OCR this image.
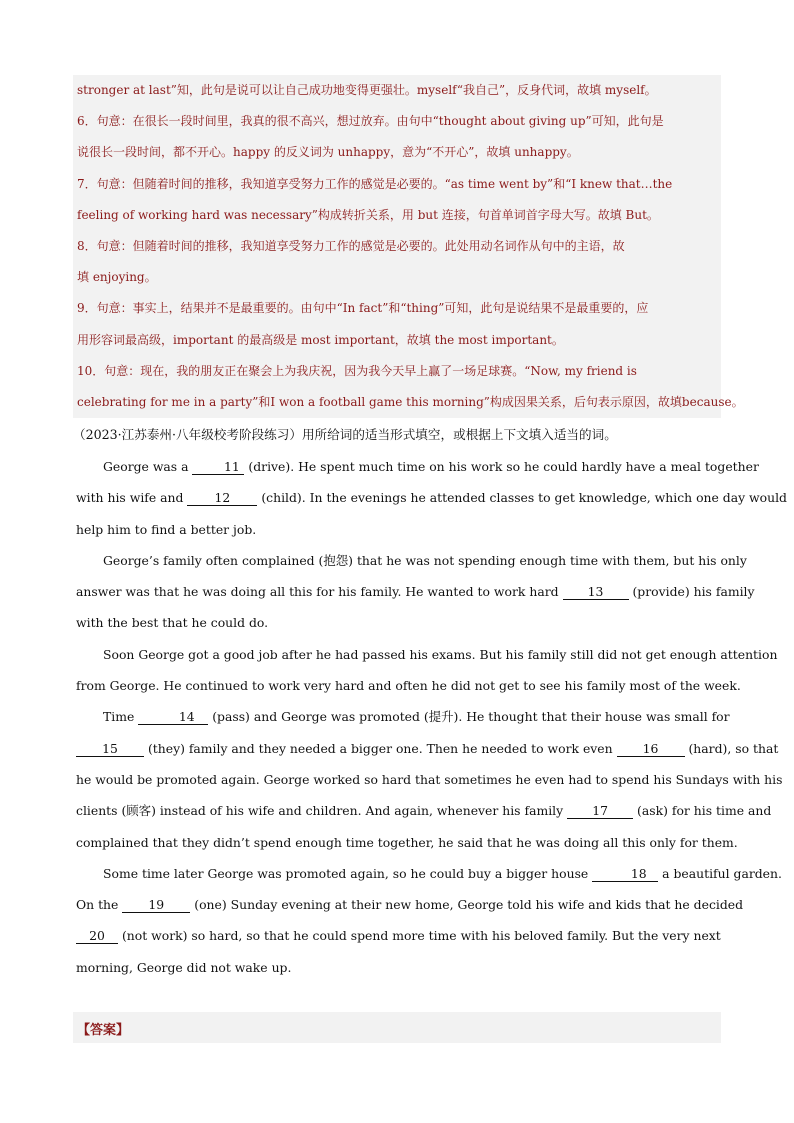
stronger at last”知，此句是说可以让自己成功地变得更强壮。myself“我自己”，反身代词，故填 myself。

6．句意：在很长一段时间里，我真的很不高兴，想过放弃。由句中“thought about giving up”可知，此句是

说很长一段时间，都不开心。happy 的反义词为 unhappy，意为“不开心”，故填 unhappy。

7．句意：但随着时间的推移，我知道享受努力工作的感觉是必要的。“as time went by”和“I knew that…the

feeling of working hard was necessary”构成转折关系，用 but 连接，句首单词首字母大写。故填 But。

8．句意：但随着时间的推移，我知道享受努力工作的感觉是必要的。此处用动名词作从句中的主语，故

填 enjoying。

9．句意：事实上，结果并不是最重要的。由句中“In fact”和“thing”可知，此句是说结果不是最重要的，应

用形容词最高级，important 的最高级是 most important，故填 the most important。

10．句意：现在，我的朋友正在聚会上为我庆祝，因为我今天早上赢了一场足球赛。“Now, my friend is

celebrating for me in a party”和I won a football game this morning”构成因果关系，后句表示原因，故填because。

（2023·江苏泰州·八年级校考阶段练习）用所给词的适当形式填空，或根据上下文填入适当的词。

George was a	11 (drive). He spent much time on his work so he could hardly have a meal together

with his wife and 12 (child). In the evenings he attended classes to get knowledge, which one day would

help him to find a better job.

George’s family often complained (抱怨) that he was not spending enough time with them, but his only

answer was that he was doing all this for his family. He wanted to work hard 13 (provide) his family

with the best that he could do.

Soon George got a good job after he had passed his exams. But his family still did not get enough attention

from George. He continued to work very hard and often he did not get to see his family most of the week.

Time	14 (pass) and George was promoted (提升). He thought that their house was small for

15 (they) family and they needed a bigger one. Then he needed to work even 16 (hard), so that

he would be promoted again. George worked so hard that sometimes he even had to spend his Sundays with his

clients (顾客) instead of his wife and children. And again, whenever his family 17 (ask) for his time and

complained that they didn’t spend enough time together, he said that he was doing all this only for them.

Some time later George was promoted again, so he could buy a bigger house	18 a beautiful garden.

On the 19 (one) Sunday evening at their new home, George told his wife and kids that he decided

20 (not work) so hard, so that he could spend more time with his beloved family. But the very next

morning, George did not wake up.

【答案】
